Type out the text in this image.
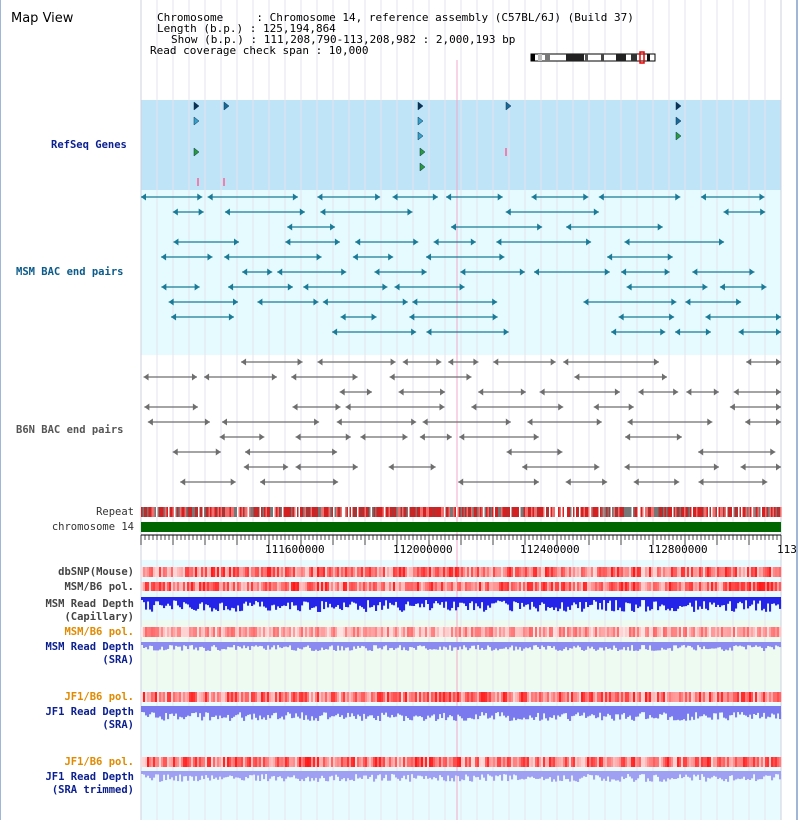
Map View	Chromosome     : Chromosome 14, reference assembly (C57BL/6J) (Build 37)
Length (b.p.) : 125,194,864
Show (b.p.) : 111,208,790-113,208,982 : 2,000,193 bp
Read coverage check span : 10,000
RefSeq Genes
MSM BAC end pairs
B6N BAC end pairs
Repeat
chromosome 14
dbSNP(Mouse)
MSM/B6 pol.
MSM Read Depth
(Capillary)
MSM/B6 pol.
MSM Read Depth
(SRA)
JF1/B6 pol.
JF1 Read Depth
(SRA)
JF1/B6 pol.
JF1 Read Depth
(SRA trimmed)
111600000	112000000	112400000	112800000	113
